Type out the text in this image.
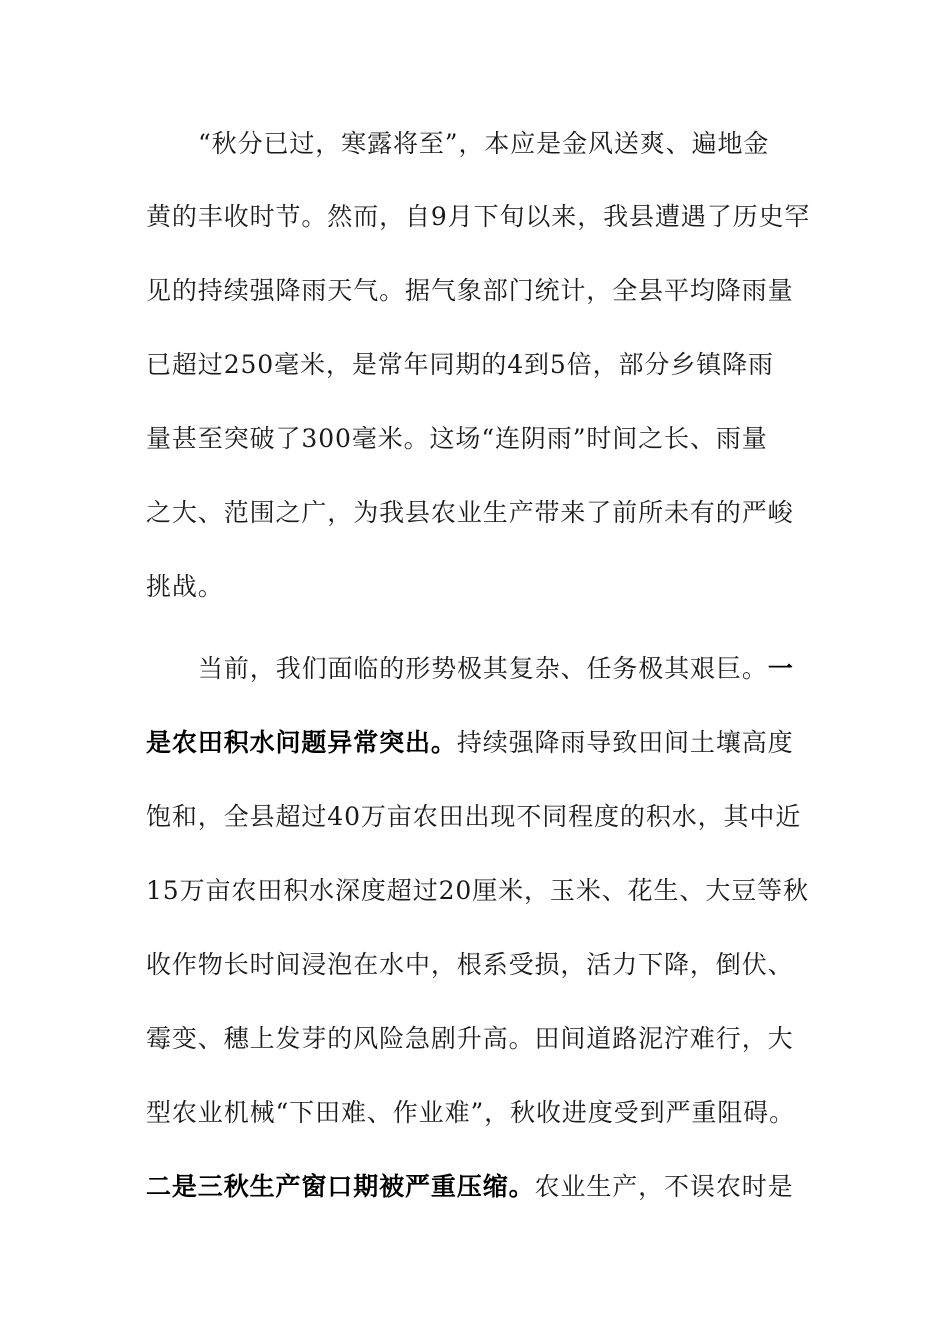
“秋分已过，寒露将至”，本应是金风送爽、遍地金
黄的丰收时节。然而，自9月下旬以来，我县遭遇了历史罕
见的持续强降雨天气。据气象部门统计，全县平均降雨量
已超过250毫米，是常年同期的4到5倍，部分乡镇降雨
量甚至突破了300毫米。这场“连阴雨”时间之长、雨量
之大、范围之广，为我县农业生产带来了前所未有的严峻
挑战。
当前，我们面临的形势极其复杂、任务极其艰巨。一
是农田积水问题异常突出。持续强降雨导致田间土壤高度
饱和，全县超过40万亩农田出现不同程度的积水，其中近
15万亩农田积水深度超过20厘米，玉米、花生、大豆等秋
收作物长时间浸泡在水中，根系受损，活力下降，倒伏、
霉变、穗上发芽的风险急剧升高。田间道路泥泞难行，大
型农业机械“下田难、作业难”，秋收进度受到严重阻碍。
二是三秋生产窗口期被严重压缩。农业生产，不误农时是
